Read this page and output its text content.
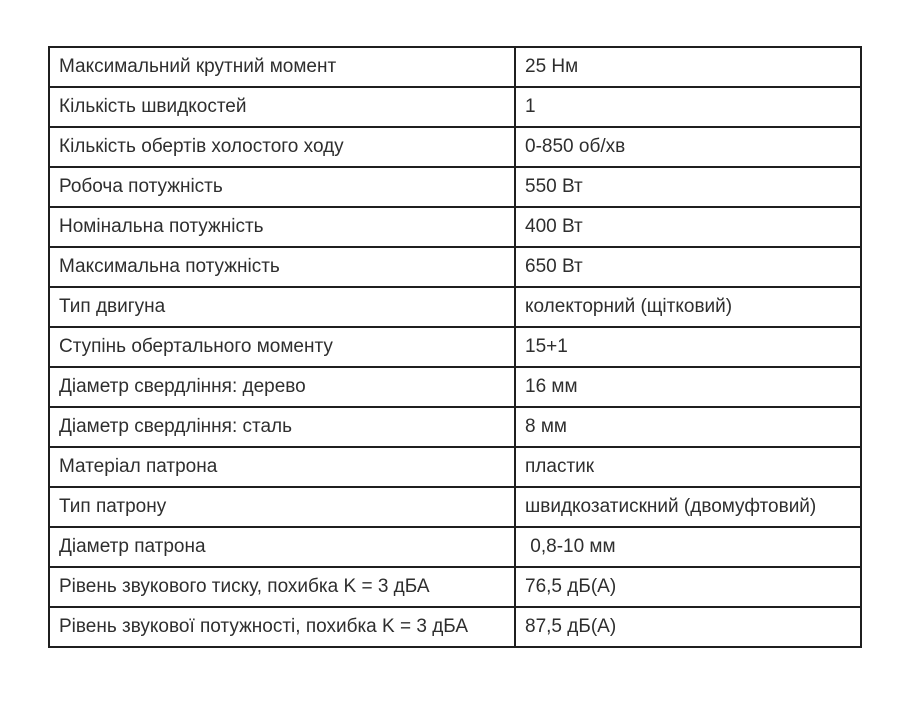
Максимальний крутний момент	25 Нм
Кількість швидкостей	1
Кількість обертів холостого ходу	0-850 об/хв
Робоча потужність	550 Вт
Номінальна потужність	400 Вт
Максимальна потужність	650 Вт
Тип двигуна	колекторний (щітковий)
Ступінь обертального моменту	15+1
Діаметр свердління: дерево	16 мм
Діаметр свердління: сталь	8 мм
Матеріал патрона	пластик
Тип патрону	швидкозатискний (двомуфтовий)
Діаметр патрона	0,8-10 мм
Рівень звукового тиску, похибка K = 3 дБА	76,5 дБ(А)
Рівень звукової потужності, похибка K = 3 дБА	87,5 дБ(А)
